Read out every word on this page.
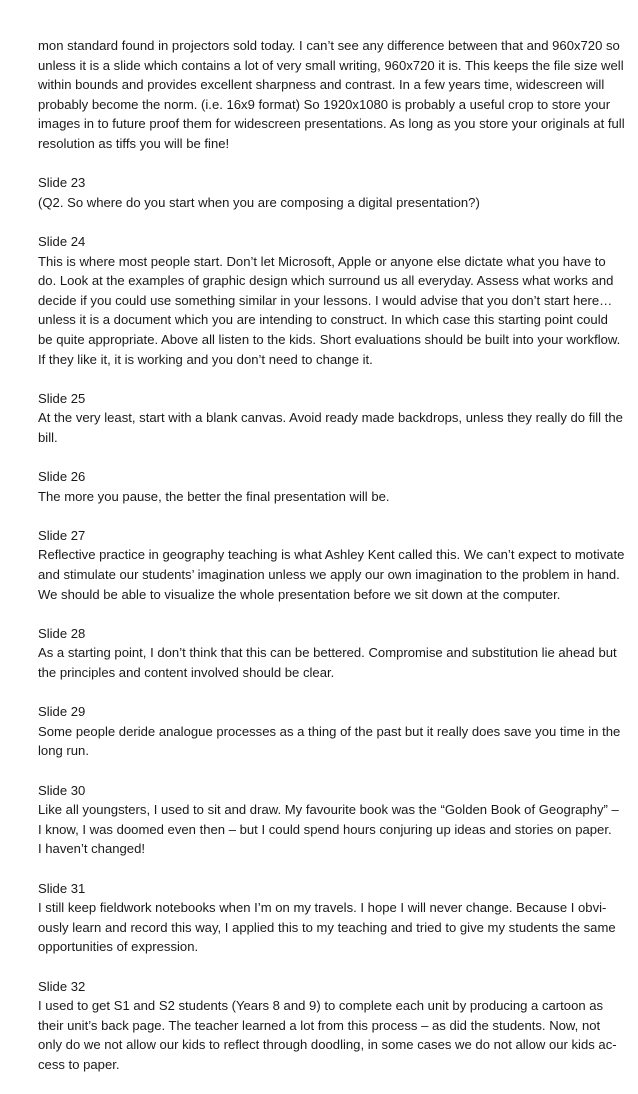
mon standard found in projectors sold today. I can’t see any difference between that and 960x720 so
unless it is a slide which contains a lot of very small writing, 960x720 it is. This keeps the file size well
within bounds and provides excellent sharpness and contrast. In a few years time, widescreen will
probably become the norm. (i.e. 16x9 format) So 1920x1080 is probably a useful crop to store your
images in to future proof them for widescreen presentations. As long as you store your originals at full
resolution as tiffs you will be fine!

Slide 23
(Q2. So where do you start when you are composing a digital presentation?)

Slide 24
This is where most people start. Don’t let Microsoft, Apple or anyone else dictate what you have to
do. Look at the examples of graphic design which surround us all everyday. Assess what works and
decide if you could use something similar in your lessons. I would advise that you don’t start here…
unless it is a document which you are intending to construct. In which case this starting point could
be quite appropriate. Above all listen to the kids. Short evaluations should be built into your workflow.
If they like it, it is working and you don’t need to change it.

Slide 25
At the very least, start with a blank canvas. Avoid ready made backdrops, unless they really do fill the
bill.

Slide 26
The more you pause, the better the final presentation will be.

Slide 27
Reflective practice in geography teaching is what Ashley Kent called this. We can’t expect to motivate
and stimulate our students’ imagination unless we apply our own imagination to the problem in hand.
We should be able to visualize the whole presentation before we sit down at the computer.

Slide 28
As a starting point, I don’t think that this can be bettered. Compromise and substitution lie ahead but
the principles and content involved should be clear.

Slide 29
Some people deride analogue processes as a thing of the past but it really does save you time in the
long run.

Slide 30
Like all youngsters, I used to sit and draw. My favourite book was the “Golden Book of Geography” –
I know, I was doomed even then – but I could spend hours conjuring up ideas and stories on paper.
I haven’t changed!

Slide 31
I still keep fieldwork notebooks when I’m on my travels. I hope I will never change. Because I obvi-
ously learn and record this way, I applied this to my teaching and tried to give my students the same
opportunities of expression.

Slide 32
I used to get S1 and S2 students (Years 8 and 9) to complete each unit by producing a cartoon as
their unit’s back page. The teacher learned a lot from this process – as did the students. Now, not
only do we not allow our kids to reflect through doodling, in some cases we do not allow our kids ac-
cess to paper.
